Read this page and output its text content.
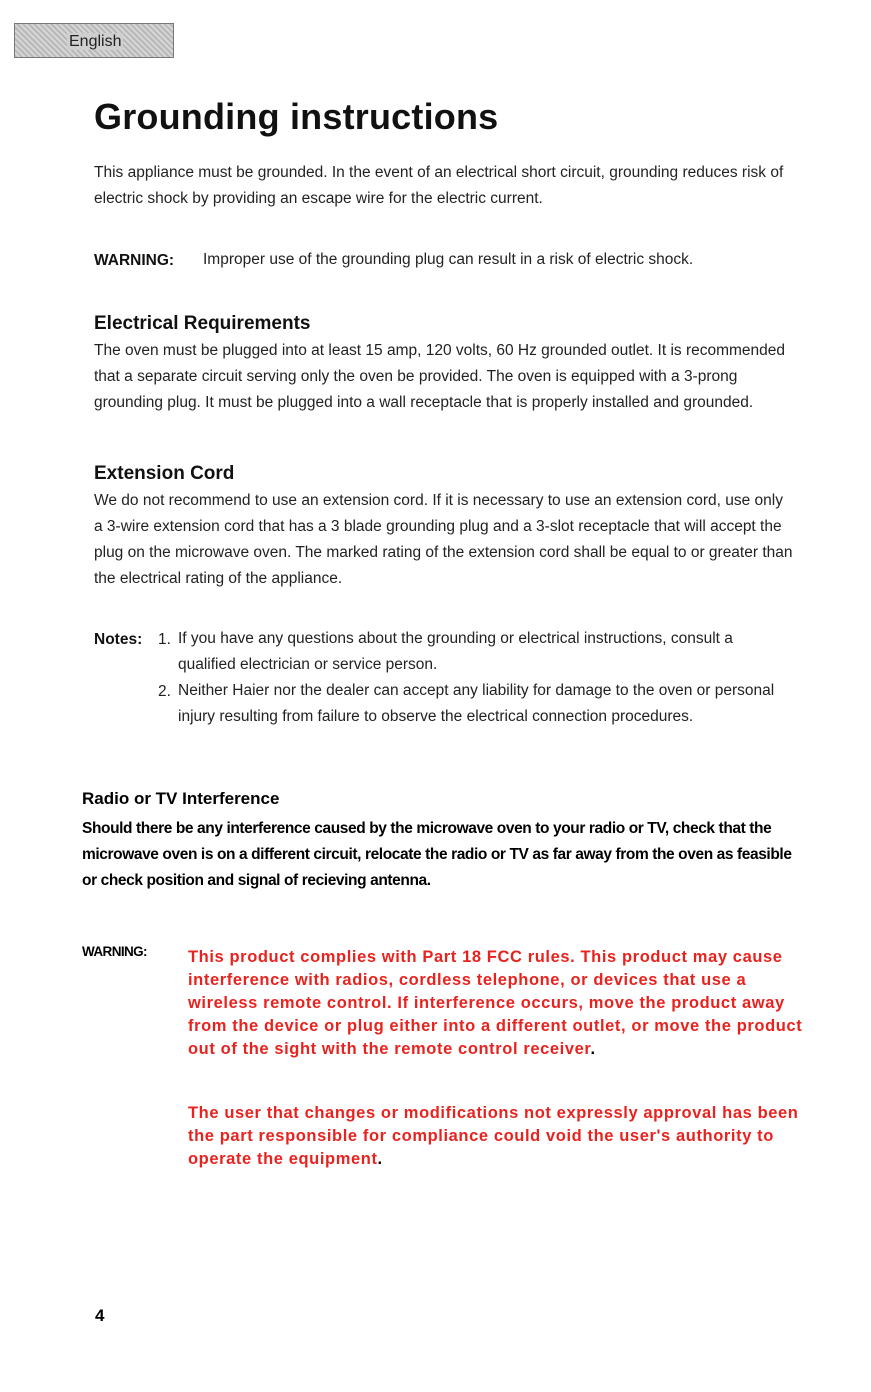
English
Grounding instructions

This appliance must be grounded. In the event of an electrical short circuit, grounding reduces risk of electric shock by providing an escape wire for the electric current.

WARNING: Improper use of the grounding plug can result in a risk of electric shock.

Electrical Requirements

The oven must be plugged into at least 15 amp, 120 volts, 60 Hz grounded outlet. It is recommended that a separate circuit serving only the oven be provided. The oven is equipped with a 3-prong grounding plug. It must be plugged into a wall receptacle that is properly installed and grounded.

Extension Cord

We do not recommend to use an extension cord. If it is necessary to use an extension cord, use only a 3-wire extension cord that has a 3 blade grounding plug and a 3-slot receptacle that will accept the plug on the microwave oven. The marked rating of the extension cord shall be equal to or greater than the electrical rating of the appliance.

Notes: 1. If you have any questions about the grounding or electrical instructions, consult a qualified electrician or service person.

2. Neither Haier nor the dealer can accept any liability for damage to the oven or personal injury resulting from failure to observe the electrical connection procedures.

Radio or TV Interference

Should there be any interference caused by the microwave oven to your radio or TV, check that the microwave oven is on a different circuit, relocate the radio or TV as far away from the oven as feasible or check position and signal of recieving antenna.

WARNING: This product complies with Part 18 FCC rules. This product may cause interference with radios, cordless telephone, or devices that use a wireless remote control. If interference occurs, move the product away from the device or plug either into a different outlet, or move the product out of the sight with the remote control receiver.

The user that changes or modifications not expressly approval has been the part responsible for compliance could void the user's authority to operate the equipment.

4
